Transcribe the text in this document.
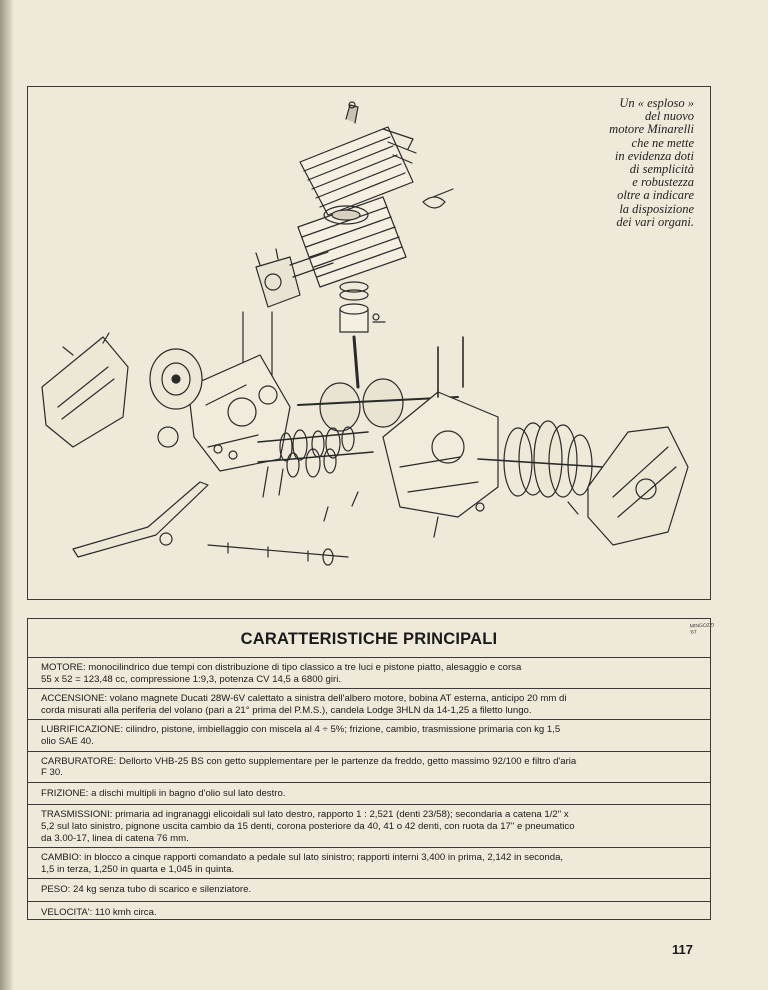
Un « esploso »
del nuovo
motore Minarelli
che ne mette
in evidenza doti
di semplicità
e robustezza
oltre a indicare
la disposizione
dei vari organi.
MINGOZZI
'67
CARATTERISTICHE PRINCIPALI
MOTORE: monocilindrico due tempi con distribuzione di tipo classico a tre luci e pistone piatto, alesaggio e corsa
55 x 52 = 123,48 cc, compressione 1:9,3, potenza CV 14,5 a 6800 giri.
ACCENSIONE: volano magnete Ducati 28W-6V calettato a sinistra dell'albero motore, bobina AT esterna, anticipo 20 mm di
corda misurati alla periferia del volano (pari a 21° prima del P.M.S.), candela Lodge 3HLN da 14-1,25 a filetto lungo.
LUBRIFICAZIONE: cilindro, pistone, imbiellaggio con miscela al 4 ÷ 5%; frizione, cambio, trasmissione primaria con kg 1,5
olio SAE 40.
CARBURATORE: Dellorto VHB-25 BS con getto supplementare per le partenze da freddo, getto massimo 92/100 e filtro d'aria
F 30.
FRIZIONE: a dischi multipli in bagno d'olio sul lato destro.
TRASMISSIONI: primaria ad ingranaggi elicoidali sul lato destro, rapporto 1 : 2,521 (denti 23/58); secondaria a catena 1/2" x
5,2 sul lato sinistro, pignone uscita cambio da 15 denti, corona posteriore da 40, 41 o 42 denti, con ruota da 17" e pneumatico
da 3.00-17, linea di catena 76 mm.
CAMBIO: in blocco a cinque rapporti comandato a pedale sul lato sinistro; rapporti interni 3,400 in prima, 2,142 in seconda,
1,5 in terza, 1,250 in quarta e 1,045 in quinta.
PESO: 24 kg senza tubo di scarico e silenziatore.
VELOCITA': 110 kmh circa.
117
